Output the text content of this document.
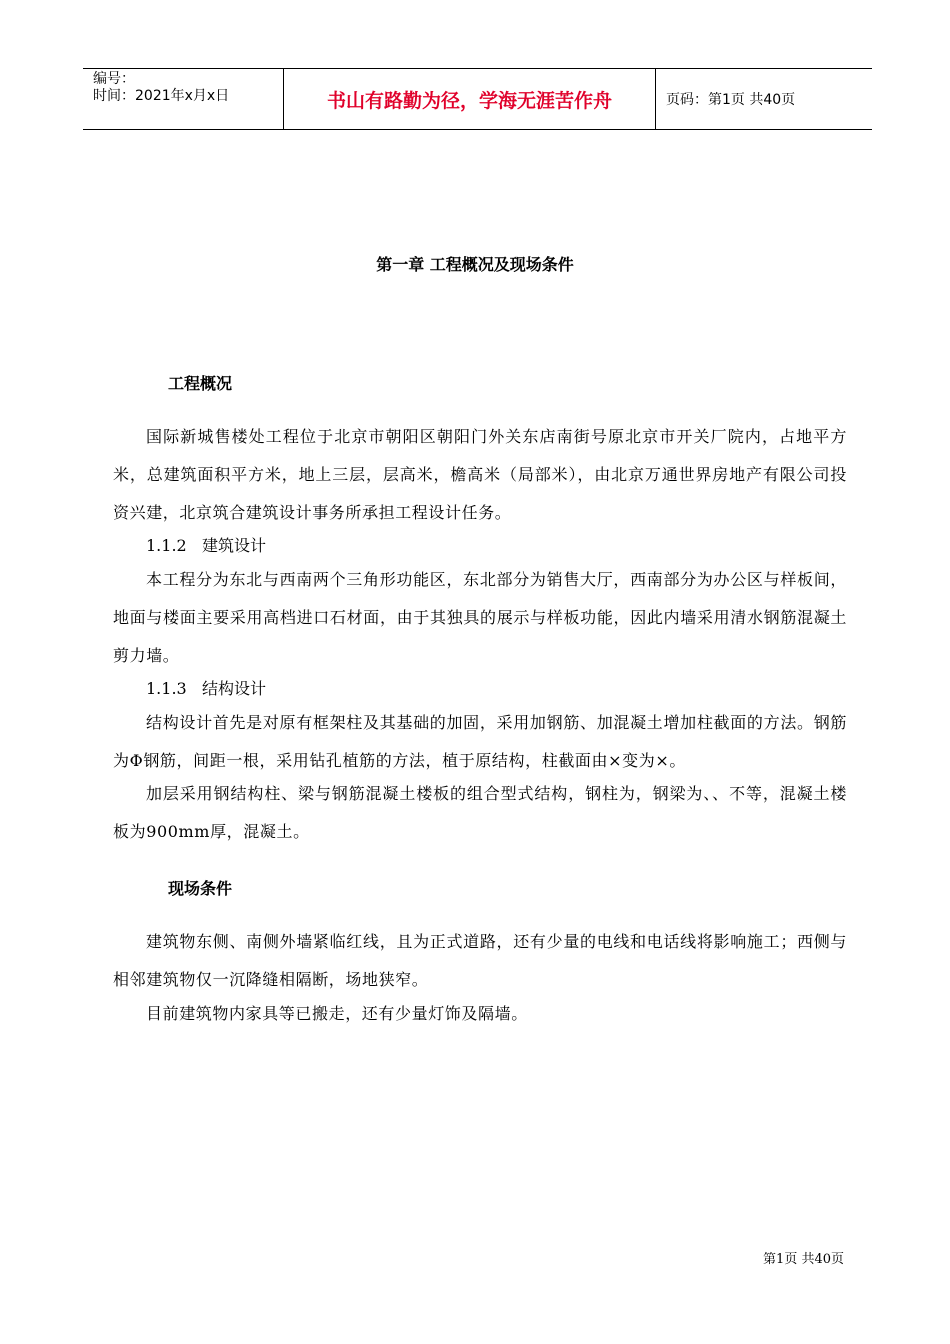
编号：
时间：2021年x月x日	书山有路勤为径，学海无涯苦作舟	页码：第1页 共40页
第一章 工程概况及现场条件
工程概况
国际新城售楼处工程位于北京市朝阳区朝阳门外关东店南街号原北京市开关厂院内，占地平方米，总建筑面积平方米，地上三层，层高米，檐高米（局部米），由北京万通世界房地产有限公司投资兴建，北京筑合建筑设计事务所承担工程设计任务。
1.1.2   建筑设计
本工程分为东北与西南两个三角形功能区，东北部分为销售大厅，西南部分为办公区与样板间，地面与楼面主要采用高档进口石材面，由于其独具的展示与样板功能，因此内墙采用清水钢筋混凝土剪力墙。
1.1.3   结构设计
结构设计首先是对原有框架柱及其基础的加固，采用加钢筋、加混凝土增加柱截面的方法。钢筋为Φ钢筋，间距一根，采用钻孔植筋的方法，植于原结构，柱截面由×变为×。
加层采用钢结构柱、梁与钢筋混凝土楼板的组合型式结构，钢柱为，钢梁为、、不等，混凝土楼板为900mm厚，混凝土。
现场条件
建筑物东侧、南侧外墙紧临红线，且为正式道路，还有少量的电线和电话线将影响施工；西侧与相邻建筑物仅一沉降缝相隔断，场地狭窄。
目前建筑物内家具等已搬走，还有少量灯饰及隔墙。
第1页 共40页
